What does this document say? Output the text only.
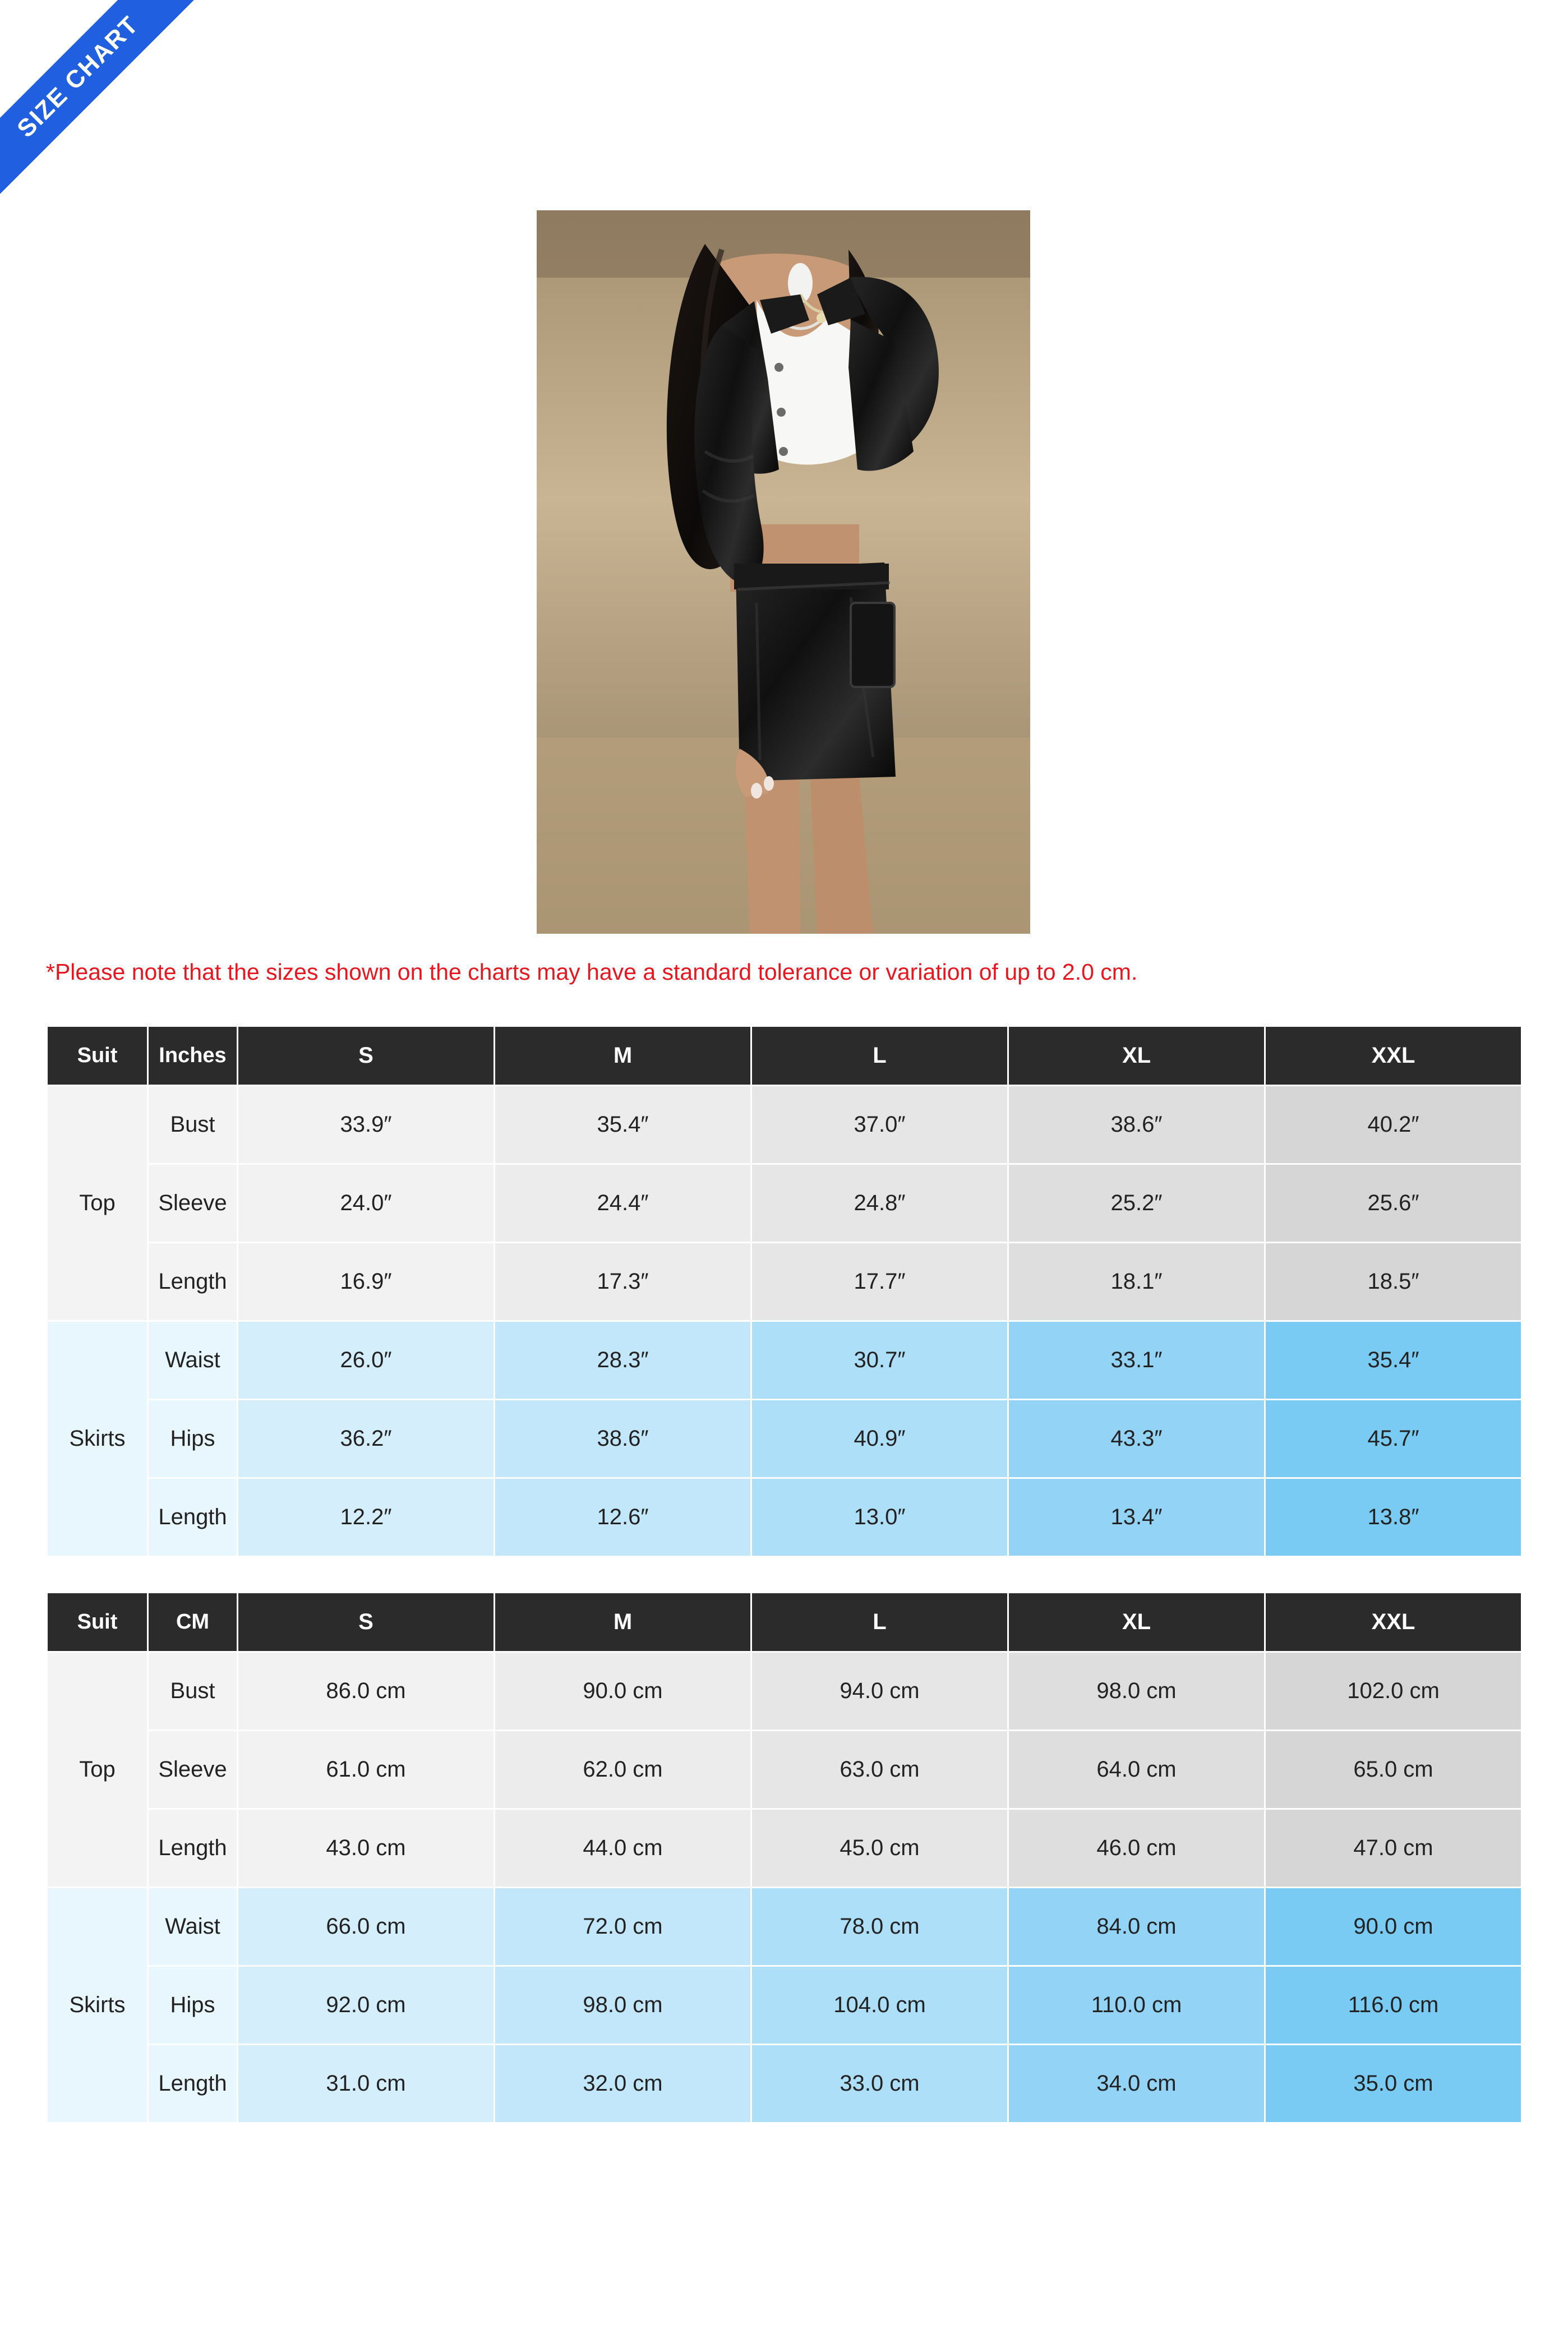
SIZE CHART
*Please note that the sizes shown on the charts may have a standard tolerance or variation of up to 2.0 cm.
Suit	Inches	S	M	L	XL	XXL
Top	Bust	33.9″	35.4″	37.0″	38.6″	40.2″
	Sleeve	24.0″	24.4″	24.8″	25.2″	25.6″
	Length	16.9″	17.3″	17.7″	18.1″	18.5″
Skirts	Waist	26.0″	28.3″	30.7″	33.1″	35.4″
	Hips	36.2″	38.6″	40.9″	43.3″	45.7″
	Length	12.2″	12.6″	13.0″	13.4″	13.8″
Suit	CM	S	M	L	XL	XXL
Top	Bust	86.0 cm	90.0 cm	94.0 cm	98.0 cm	102.0 cm
	Sleeve	61.0 cm	62.0 cm	63.0 cm	64.0 cm	65.0 cm
	Length	43.0 cm	44.0 cm	45.0 cm	46.0 cm	47.0 cm
Skirts	Waist	66.0 cm	72.0 cm	78.0 cm	84.0 cm	90.0 cm
	Hips	92.0 cm	98.0 cm	104.0 cm	110.0 cm	116.0 cm
	Length	31.0 cm	32.0 cm	33.0 cm	34.0 cm	35.0 cm
